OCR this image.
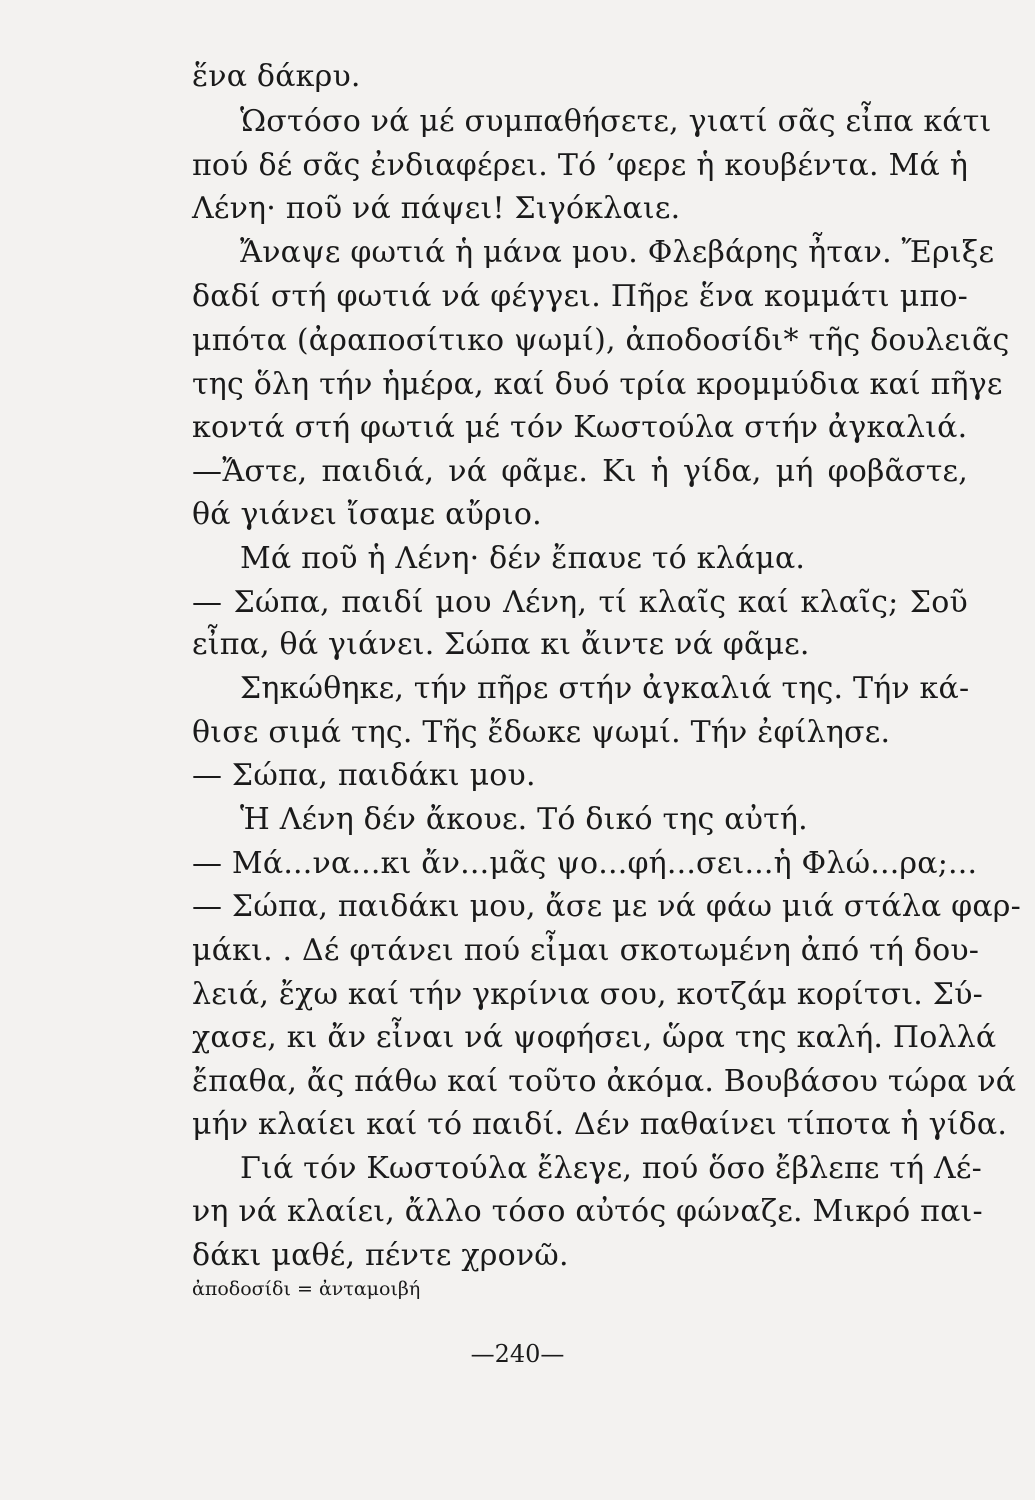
ἕνα δάκρυ.
Ὡστόσο νά μέ συμπαθήσετε, γιατί σᾶς εἶπα κάτι
πού δέ σᾶς ἐνδιαφέρει. Τό ’φερε ἡ κουβέντα. Μά ἡ
Λένη· ποῦ νά πάψει! Σιγόκλαιε.
Ἄναψε φωτιά ἡ μάνα μου. Φλεβάρης ἦταν. Ἔριξε
δαδί στή φωτιά νά φέγγει. Πῆρε ἕνα κομμάτι μπο-
μπότα (ἀραποσίτικο ψωμί), ἀποδοσίδι* τῆς δουλειᾶς
της ὅλη τήν ἡμέρα, καί δυό τρία κρομμύδια καί πῆγε
κοντά στή φωτιά μέ τόν Κωστούλα στήν ἀγκαλιά.
—Ἄστε, παιδιά, νά φᾶμε. Κι ἡ γίδα, μή φοβᾶστε,
θά γιάνει ἴσαμε αὔριο.
Μά ποῦ ἡ Λένη· δέν ἔπαυε τό κλάμα.
— Σώπα, παιδί μου Λένη, τί κλαῖς καί κλαῖς; Σοῦ
εἶπα, θά γιάνει. Σώπα κι ἄιντε νά φᾶμε.
Σηκώθηκε, τήν πῆρε στήν ἀγκαλιά της. Τήν κά-
θισε σιμά της. Τῆς ἔδωκε ψωμί. Τήν ἐφίλησε.
— Σώπα, παιδάκι μου.
Ἡ Λένη δέν ἄκουε. Τό δικό της αὐτή.
— Μά...να...κι ἄν...μᾶς ψο...φή...σει...ἡ Φλώ...ρα;...
— Σώπα, παιδάκι μου, ἄσε με νά φάω μιά στάλα φαρ-
μάκι. . Δέ φτάνει πού εἶμαι σκοτωμένη ἀπό τή δου-
λειά, ἔχω καί τήν γκρίνια σου, κοτζάμ κορίτσι. Σύ-
χασε, κι ἄν εἶναι νά ψοφήσει, ὥρα της καλή. Πολλά
ἔπαθα, ἄς πάθω καί τοῦτο ἀκόμα. Βουβάσου τώρα νά
μήν κλαίει καί τό παιδί. Δέν παθαίνει τίποτα ἡ γίδα.
Γιά τόν Κωστούλα ἔλεγε, πού ὅσο ἔβλεπε τή Λέ-
νη νά κλαίει, ἄλλο τόσο αὐτός φώναζε. Μικρό παι-
δάκι μαθέ, πέντε χρονῶ.
ἀποδοσίδι = ἀνταμοιβή
—240—
